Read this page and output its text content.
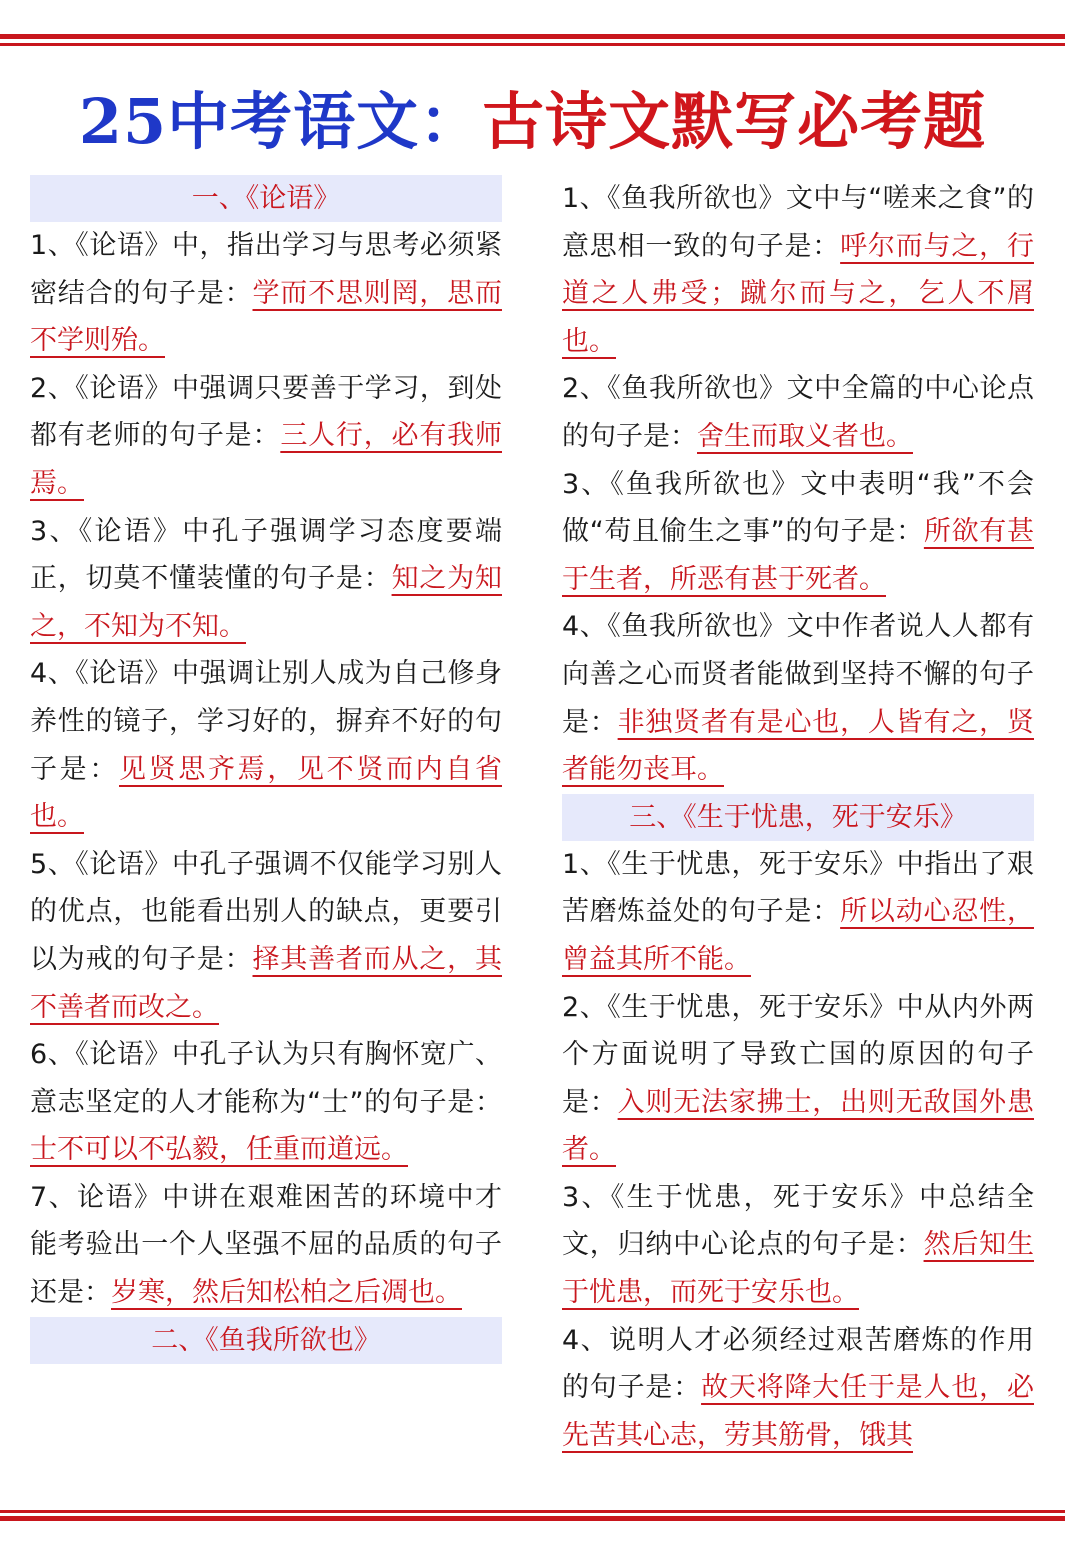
25中考语文：古诗文默写必考题
一、《论语》
1、《论语》中，指出学习与思考必须紧密结合的句子是：学而不思则罔，思而不学则殆。
2、《论语》中强调只要善于学习，到处都有老师的句子是：三人行，必有我师焉。
3、《论语》中孔子强调学习态度要端正，切莫不懂装懂的句子是：知之为知之，不知为不知。
4、《论语》中强调让别人成为自己修身养性的镜子，学习好的，摒弃不好的句子是：见贤思齐焉，见不贤而内自省也。
5、《论语》中孔子强调不仅能学习别人的优点，也能看出别人的缺点，更要引以为戒的句子是：择其善者而从之，其不善者而改之。
6、《论语》中孔子认为只有胸怀宽广、意志坚定的人才能称为“士”的句子是：士不可以不弘毅，任重而道远。
7、论语》中讲在艰难困苦的环境中才能考验出一个人坚强不屈的品质的句子还是：岁寒，然后知松柏之后凋也。
二、《鱼我所欲也》
1、《鱼我所欲也》文中与“嗟来之食”的意思相一致的句子是：呼尔而与之，行道之人弗受；蹴尔而与之，乞人不屑也。
2、《鱼我所欲也》文中全篇的中心论点的句子是：舍生而取义者也。
3、《鱼我所欲也》文中表明“我”不会做“苟且偷生之事”的句子是：所欲有甚于生者，所恶有甚于死者。
4、《鱼我所欲也》文中作者说人人都有向善之心而贤者能做到坚持不懈的句子是：非独贤者有是心也，人皆有之，贤者能勿丧耳。
三、《生于忧患，死于安乐》
1、《生于忧患，死于安乐》中指出了艰苦磨炼益处的句子是：所以动心忍性，曾益其所不能。
2、《生于忧患，死于安乐》中从内外两个方面说明了导致亡国的原因的句子是：入则无法家拂士，出则无敌国外患者。
3、《生于忧患，死于安乐》中总结全文，归纳中心论点的句子是：然后知生于忧患，而死于安乐也。
4、说明人才必须经过艰苦磨炼的作用的句子是：故天将降大任于是人也，必先苦其心志，劳其筋骨，饿其
